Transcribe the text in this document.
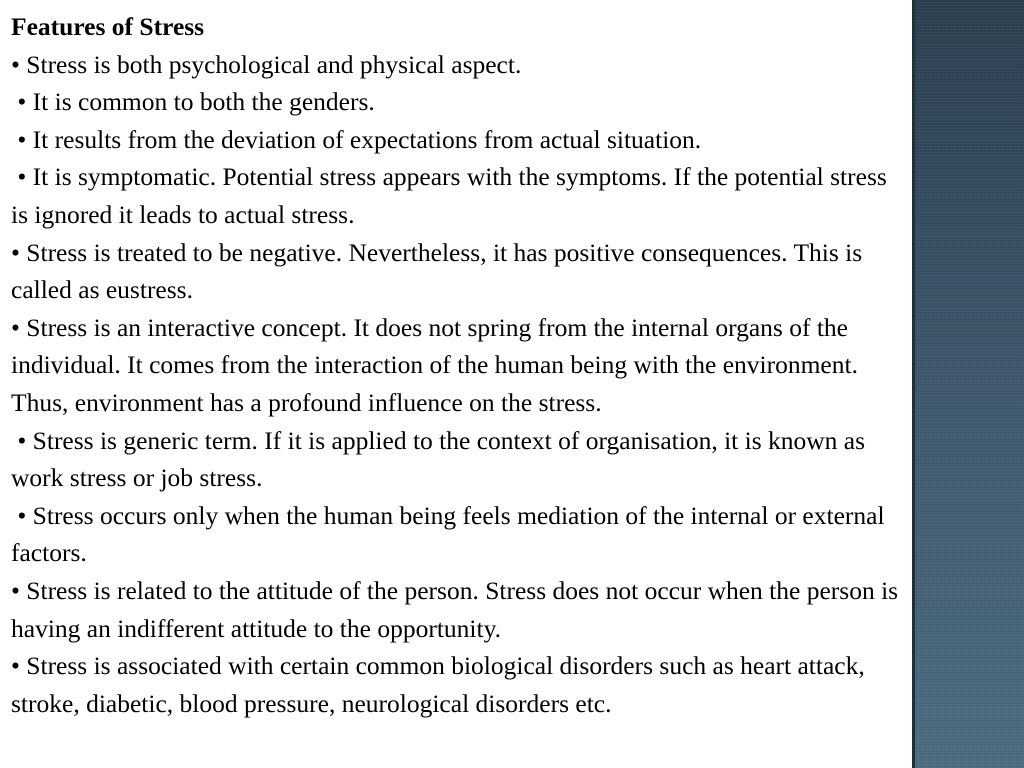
Features of Stress
• Stress is both psychological and physical aspect.
• It is common to both the genders.
• It results from the deviation of expectations from actual situation.
• It is symptomatic. Potential stress appears with the symptoms. If the potential stress is ignored it leads to actual stress.
• Stress is treated to be negative. Nevertheless, it has positive consequences. This is called as eustress.
• Stress is an interactive concept. It does not spring from the internal organs of the individual. It comes from the interaction of the human being with the environment. Thus, environment has a profound influence on the stress.
• Stress is generic term. If it is applied to the context of organisation, it is known as work stress or job stress.
• Stress occurs only when the human being feels mediation of the internal or external factors.
• Stress is related to the attitude of the person. Stress does not occur when the person is having an indifferent attitude to the opportunity.
• Stress is associated with certain common biological disorders such as heart attack, stroke, diabetic, blood pressure, neurological disorders etc.
